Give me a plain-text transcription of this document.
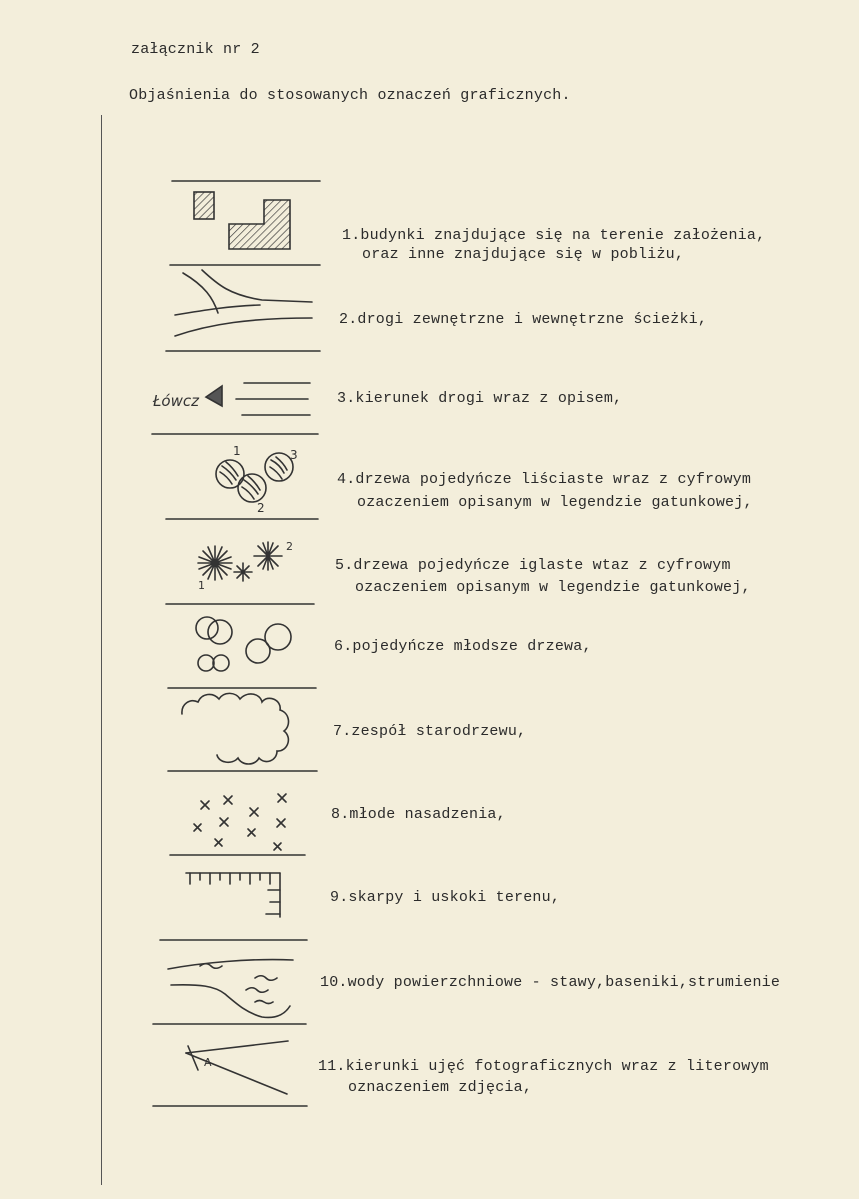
załącznik nr 2
Objaśnienia do stosowanych oznaczeń graficznych.
Łówcz
1
2
3
1
2
A
1.budynki znajdujące się na terenie założenia,
oraz inne znajdujące się w pobliżu,
2.drogi zewnętrzne i wewnętrzne ścieżki,
3.kierunek drogi wraz z opisem,
4.drzewa pojedyńcze liściaste wraz z cyfrowym
ozaczeniem opisanym w legendzie gatunkowej,
5.drzewa pojedyńcze iglaste wtaz z cyfrowym
ozaczeniem opisanym w legendzie gatunkowej,
6.pojedyńcze młodsze drzewa,
7.zespół starodrzewu,
8.młode nasadzenia,
9.skarpy i uskoki terenu,
10.wody powierzchniowe - stawy,baseniki,strumienie
11.kierunki ujęć fotograficznych wraz z literowym
oznaczeniem zdjęcia,
